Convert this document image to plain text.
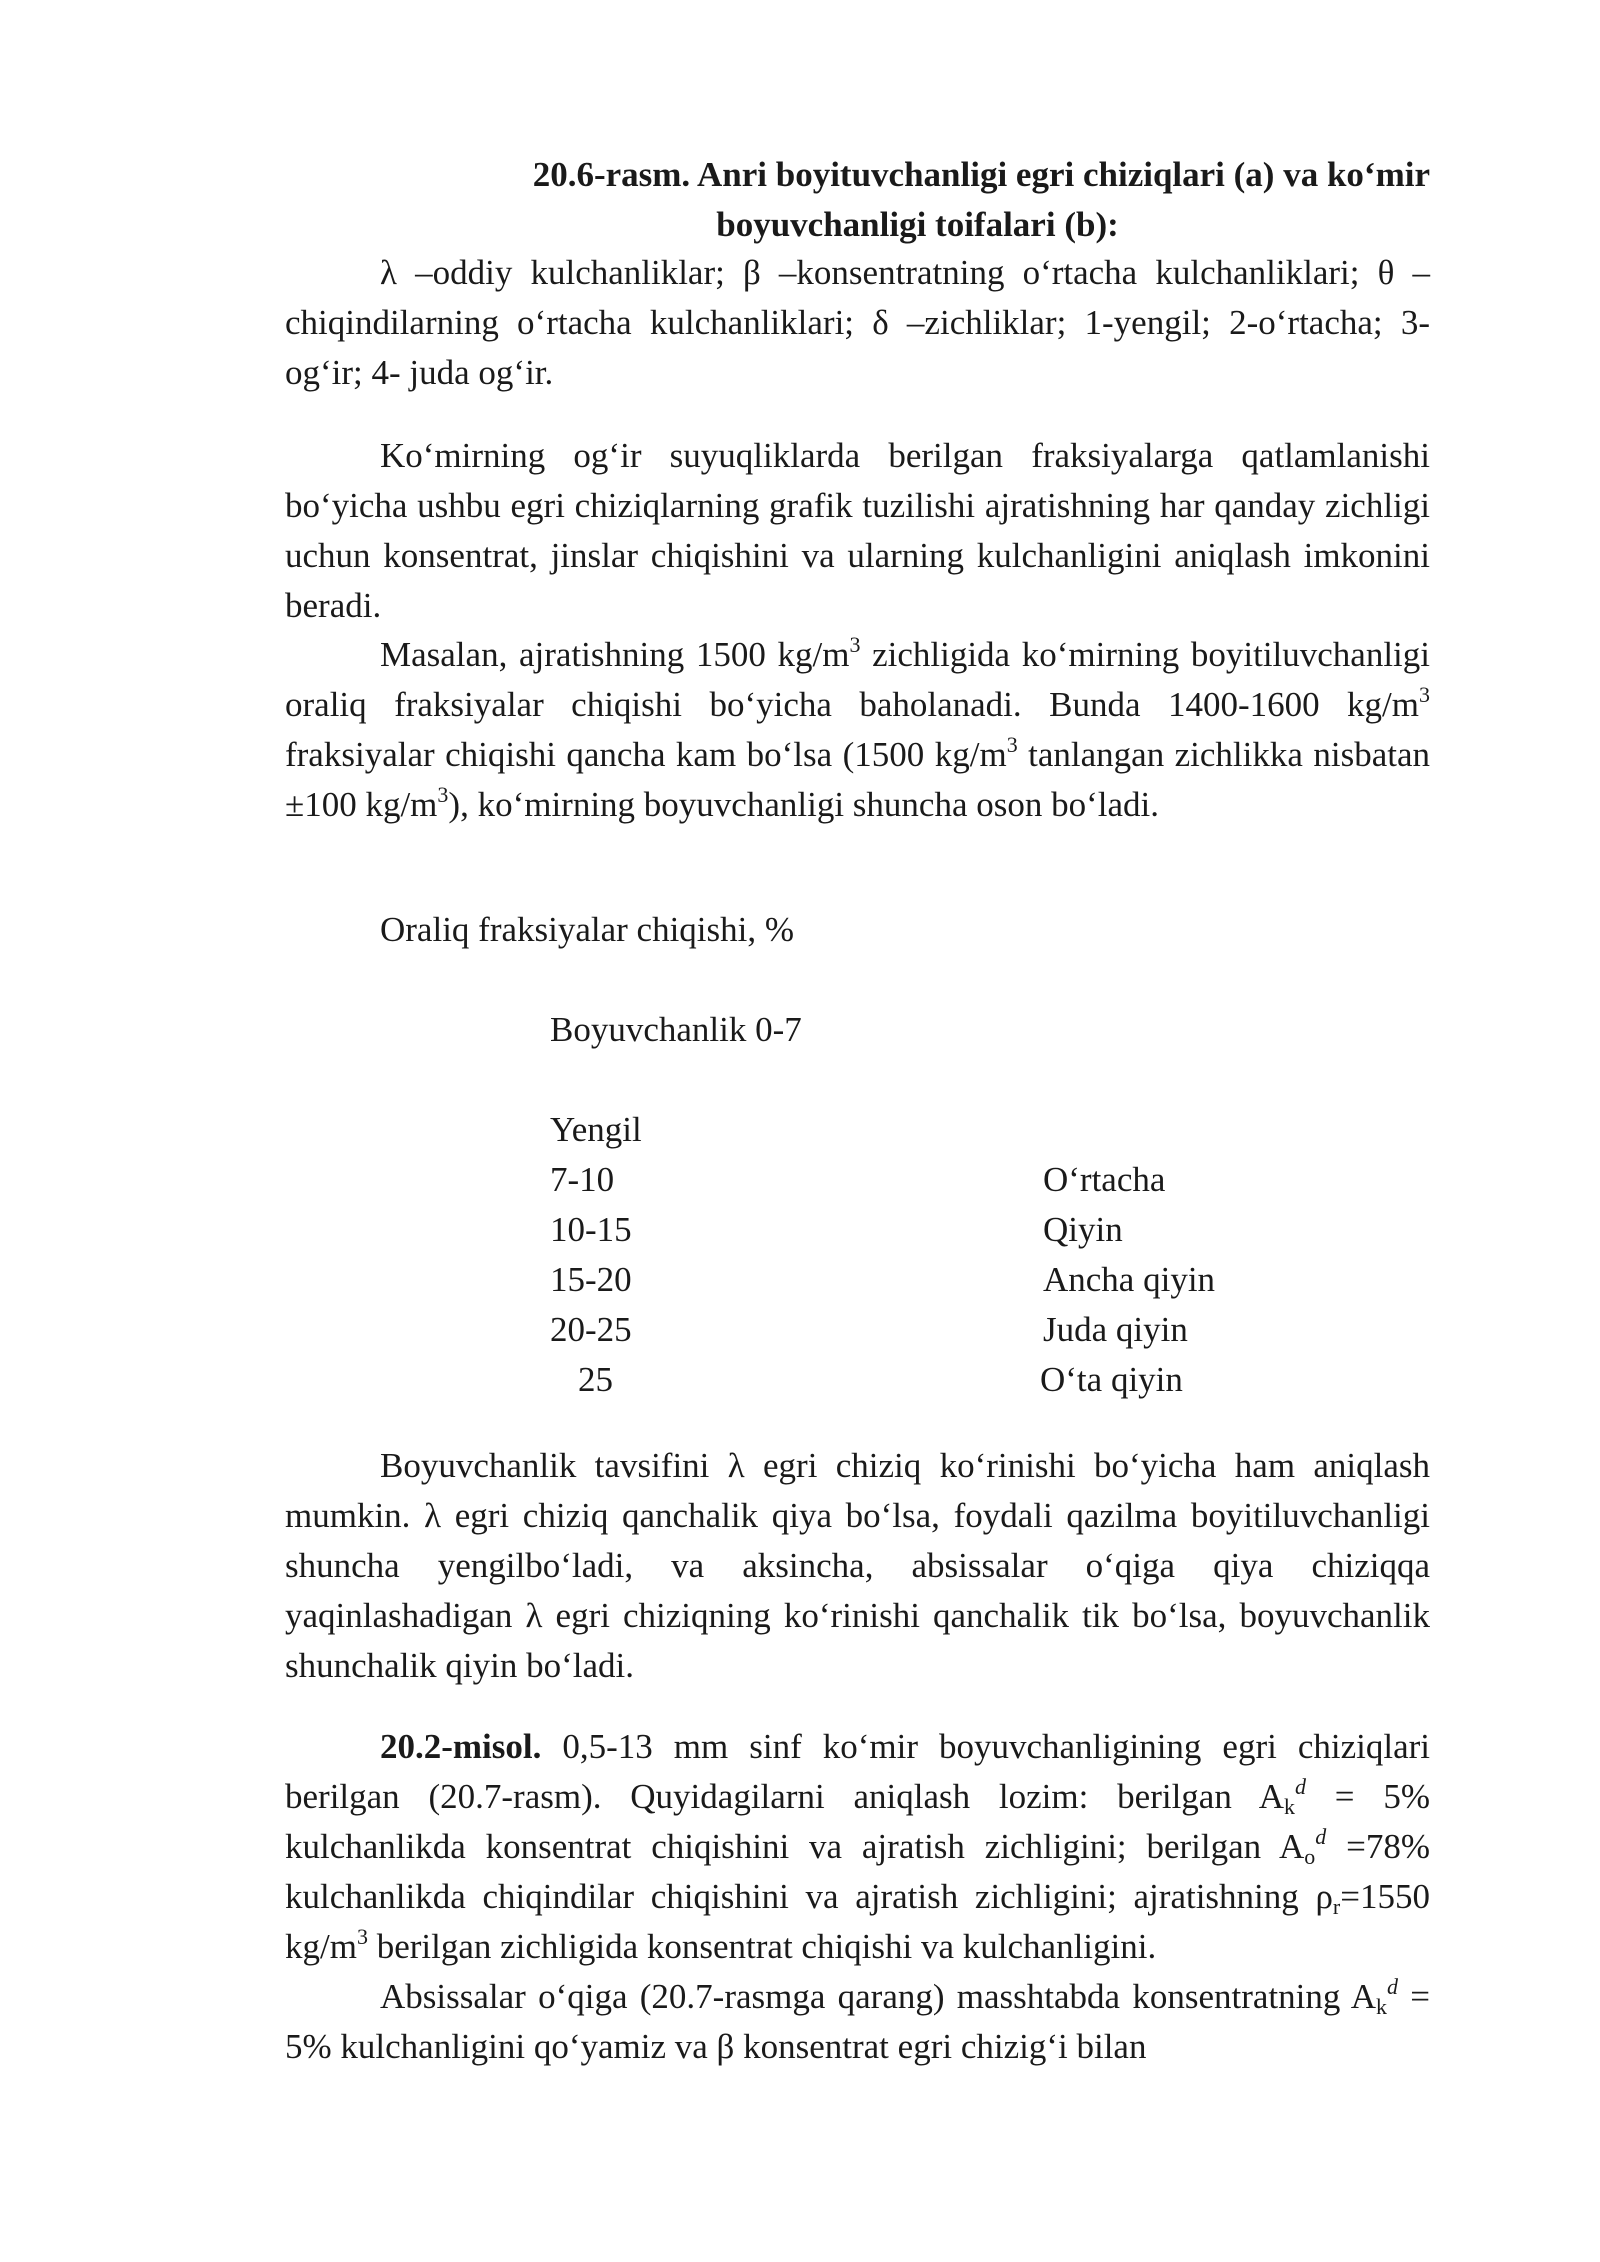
20.6-rasm. Anri boyituvchanligi egri chiziqlari (a) va ko‘mir
boyuvchanligi toifalari (b):
λ –oddiy kulchanliklar; β –konsentratning o‘rtacha kulchanliklari; θ – chiqindilarning o‘rtacha kulchanliklari; δ –zichliklar; 1-yengil; 2-o‘rtacha; 3-og‘ir; 4- juda og‘ir.
Ko‘mirning og‘ir suyuqliklarda berilgan fraksiyalarga qatlamlanishi bo‘yicha ushbu egri chiziqlarning grafik tuzilishi ajratishning har qanday zichligi uchun konsentrat, jinslar chiqishini va ularning kulchanligini aniqlash imkonini beradi.
Masalan, ajratishning 1500 $kg/m^3$ zichligida ko‘mirning boyitiluvchanligi oraliq fraksiyalar chiqishi bo‘yicha baholanadi. Bunda 1400-1600 $kg/m^3$ fraksiyalar chiqishi qancha kam bo‘lsa (1500 $kg/m^3$ tanlangan zichlikka nisbatan ±100 $kg/m^3$), ko‘mirning boyuvchanligi shuncha oson bo‘ladi.
Oraliq fraksiyalar chiqishi, %
Boyuvchanlik 0-7
Yengil
7-10	O‘rtacha
10-15	Qiyin
15-20	Ancha qiyin
20-25	Juda qiyin
25	O‘ta qiyin
Boyuvchanlik tavsifini λ egri chiziq ko‘rinishi bo‘yicha ham aniqlash mumkin. λ egri chiziq qanchalik qiya bo‘lsa, foydali qazilma boyitiluvchanligi shuncha yengilbo‘ladi, va aksincha, absissalar o‘qiga qiya chiziqqa yaqinlashadigan λ egri chiziqning ko‘rinishi qanchalik tik bo‘lsa, boyuvchanlik shunchalik qiyin bo‘ladi.
20.2-misol. 0,5-13 mm sinf ko‘mir boyuvchanligining egri chiziqlari berilgan (20.7-rasm). Quyidagilarni aniqlash lozim: berilgan $A_k^d = 5\%$ kulchanlikda konsentrat chiqishini va ajratish zichligini; berilgan $A_o^d =78\%$ kulchanlikda chiqindilar chiqishini va ajratish zichligini; ajratishning $\rho_r=1550$ $kg/m^3$ berilgan zichligida konsentrat chiqishi va kulchanligini.
Absissalar o‘qiga (20.7-rasmga qarang) masshtabda konsentratning $A_k^d = 5\%$ kulchanligini qo‘yamiz va β konsentrat egri chizig‘i bilan
